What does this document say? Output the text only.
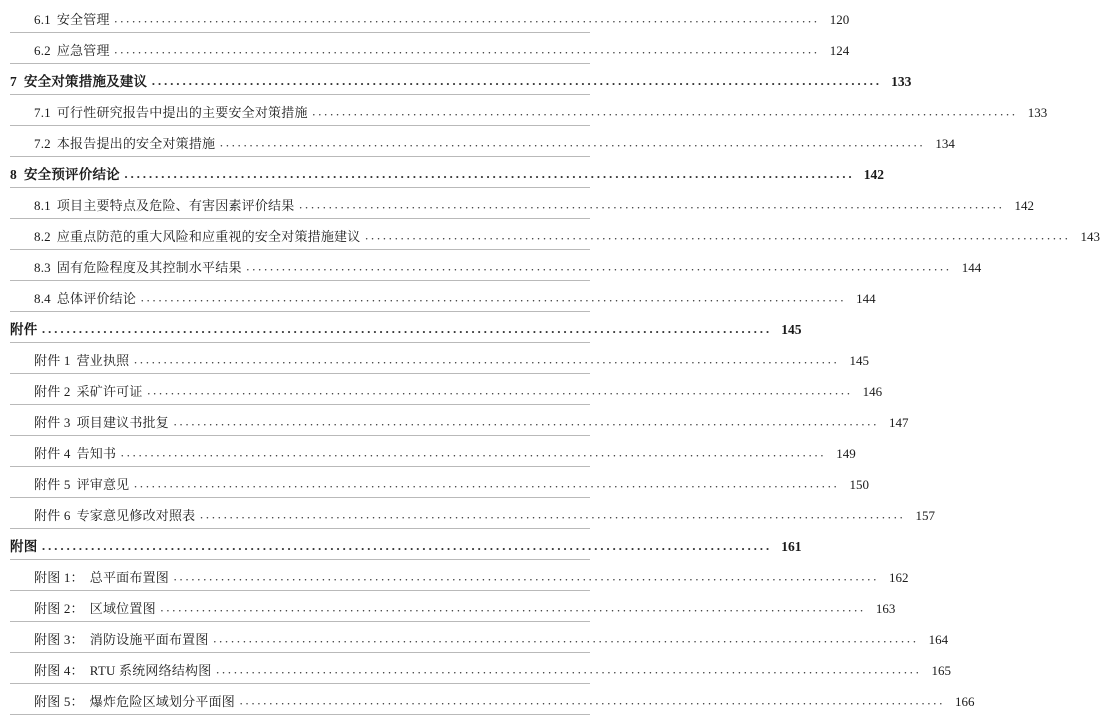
6.1 安全管理 ······················································································································· 120
6.2 应急管理 ······················································································································· 124
7 安全对策措施及建议 ······················································································································· 133
7.1 可行性研究报告中提出的主要安全对策措施 ······················································································································· 133
7.2 本报告提出的安全对策措施 ······················································································································· 134
8 安全预评价结论 ······················································································································· 142
8.1 项目主要特点及危险、有害因素评价结果 ······················································································································· 142
8.2 应重点防范的重大风险和应重视的安全对策措施建议 ······················································································································· 143
8.3 固有危险程度及其控制水平结果 ······················································································································· 144
8.4 总体评价结论 ······················································································································· 144
附件 ······················································································································· 145
附件 1 营业执照 ······················································································································· 145
附件 2 采矿许可证 ······················································································································· 146
附件 3 项目建议书批复 ······················································································································· 147
附件 4 告知书 ······················································································································· 149
附件 5 评审意见 ······················································································································· 150
附件 6 专家意见修改对照表 ······················································································································· 157
附图 ······················································································································· 161
附图 1： 总平面布置图 ······················································································································· 162
附图 2： 区域位置图 ······················································································································· 163
附图 3： 消防设施平面布置图 ······················································································································· 164
附图 4： RTU 系统网络结构图 ······················································································································· 165
附图 5： 爆炸危险区域划分平面图 ······················································································································· 166
